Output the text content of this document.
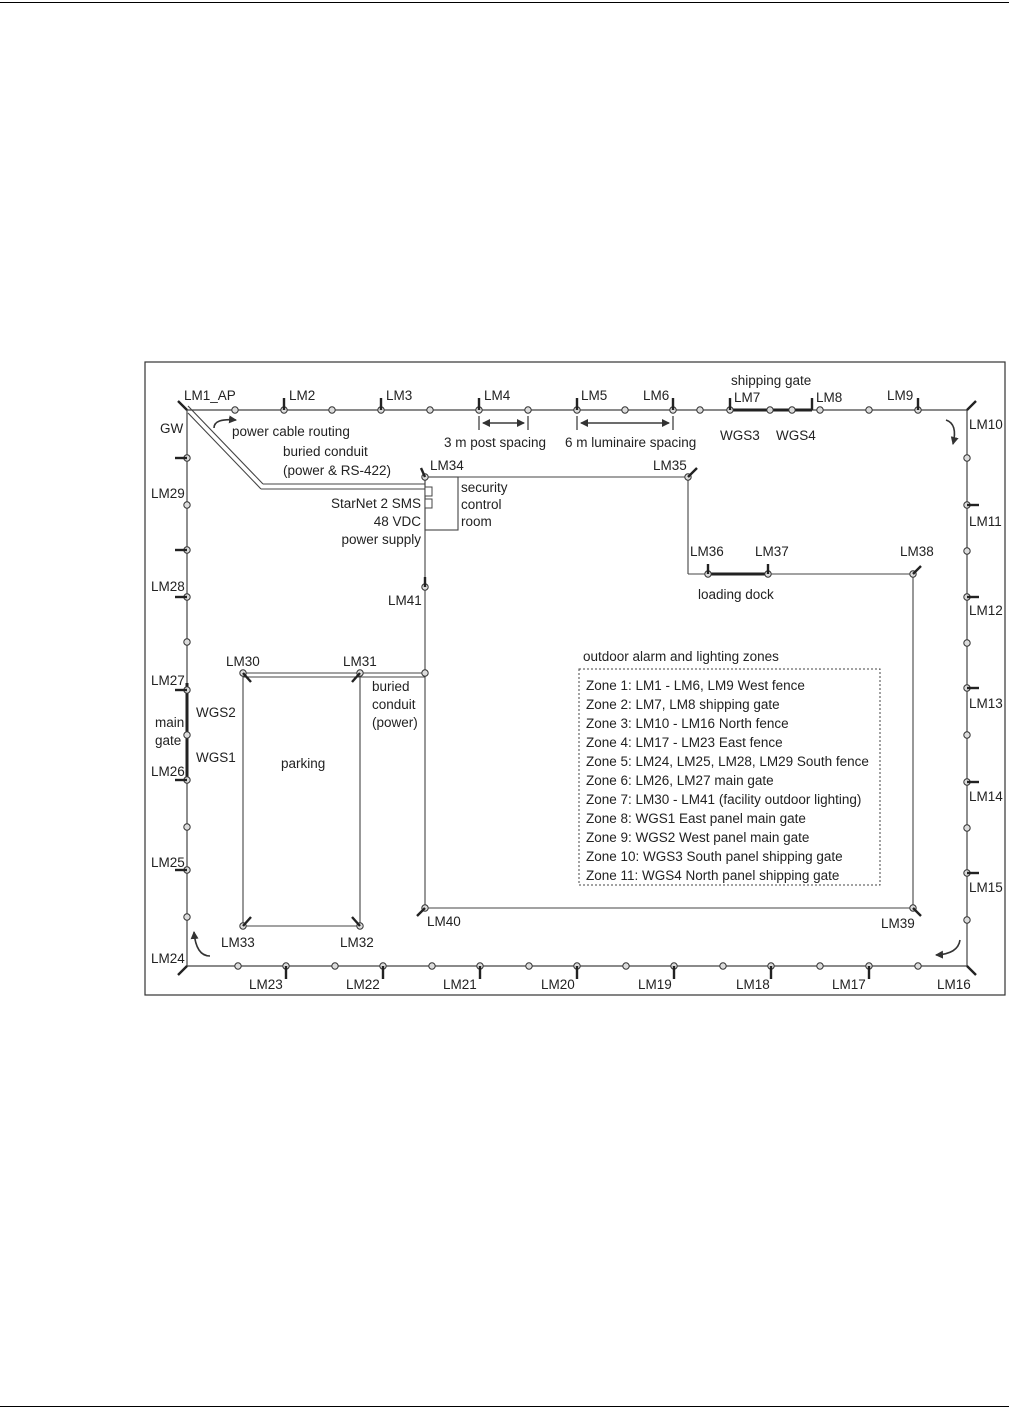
LM1_AP	LM2	LM3	LM4	LM5	LM6	LM7	LM8	LM9
LM10
LM11
LM12
LM13
LM14
LM15
LM16
LM17
LM18
LM19
LM20
LM21
LM22
LM23
LM24
LM25
LM26
LM27
LM28
LM29
LM30	LM31
LM32
LM33
LM34	LM35
LM36 LM37	LM38
LM39
LM40
LM41
GW
WGS1
WGS2
WGS3 WGS4
shipping gate
power cable routing
3 m post spacing 6 m luminaire spacing
buried conduit
(power & RS-422)
StarNet 2 SMS
48 VDC
power supply
security
control
room
loading dock
main
gate
parking
buried
conduit
(power)
outdoor alarm and lighting zones
Zone 1: LM1 - LM6, LM9 West fence
Zone 2: LM7, LM8 shipping gate
Zone 3: LM10 - LM16 North fence
Zone 4: LM17 - LM23 East fence
Zone 5: LM24, LM25, LM28, LM29 South fence
Zone 6: LM26, LM27 main gate
Zone 7: LM30 - LM41 (facility outdoor lighting)
Zone 8: WGS1 East panel main gate
Zone 9: WGS2 West panel main gate
Zone 10: WGS3 South panel shipping gate
Zone 11: WGS4 North panel shipping gate
